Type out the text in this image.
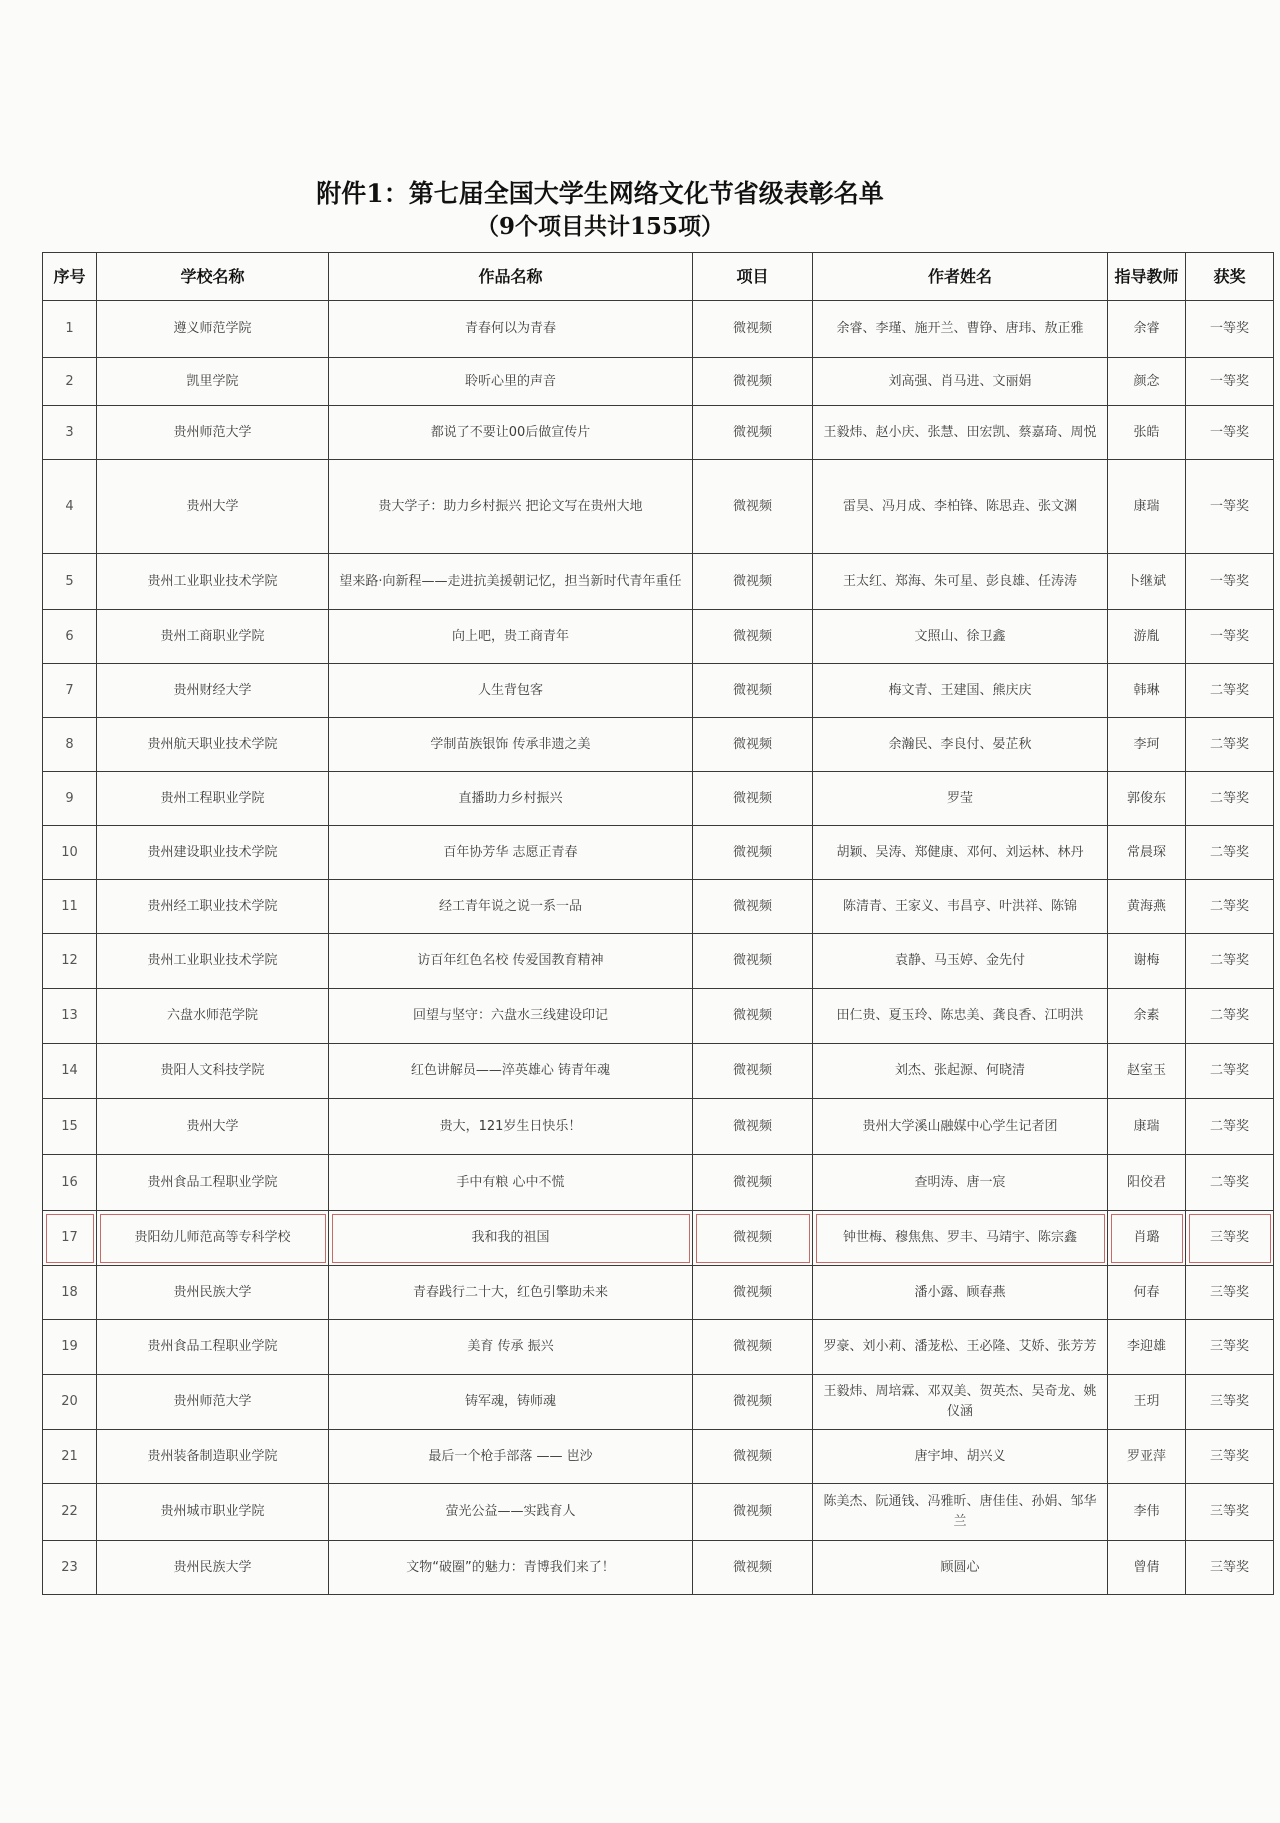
附件1：第七届全国大学生网络文化节省级表彰名单
（9个项目共计155项）
序号	学校名称	作品名称	项目	作者姓名	指导教师	获奖
1	遵义师范学院	青春何以为青春	微视频	余睿、李瑾、施开兰、曹铮、唐玮、敖正雅	余睿	一等奖
2	凯里学院	聆听心里的声音	微视频	刘高强、肖马进、文丽娟	颜念	一等奖
3	贵州师范大学	都说了不要让00后做宣传片	微视频	王毅炜、赵小庆、张慧、田宏凯、蔡嘉琦、周悦	张皓	一等奖
4	贵州大学	贵大学子：助力乡村振兴 把论文写在贵州大地	微视频	雷昊、冯月成、李柏锋、陈思垚、张文渊	康瑞	一等奖
5	贵州工业职业技术学院	望来路·向新程——走进抗美援朝记忆，担当新时代青年重任	微视频	王太红、郑海、朱可星、彭良雄、任涛涛	卜继斌	一等奖
6	贵州工商职业学院	向上吧，贵工商青年	微视频	文照山、徐卫鑫	游胤	一等奖
7	贵州财经大学	人生背包客	微视频	梅文青、王建国、熊庆庆	韩琳	二等奖
8	贵州航天职业技术学院	学制苗族银饰 传承非遗之美	微视频	余瀚民、李良付、晏芷秋	李珂	二等奖
9	贵州工程职业学院	直播助力乡村振兴	微视频	罗莹	郭俊东	二等奖
10	贵州建设职业技术学院	百年协芳华 志愿正青春	微视频	胡颖、吴涛、郑健康、邓何、刘运林、林丹	常晨琛	二等奖
11	贵州经工职业技术学院	经工青年说之说一系一品	微视频	陈清青、王家义、韦昌亨、叶洪祥、陈锦	黄海燕	二等奖
12	贵州工业职业技术学院	访百年红色名校 传爱国教育精神	微视频	袁静、马玉婷、金先付	谢梅	二等奖
13	六盘水师范学院	回望与坚守：六盘水三线建设印记	微视频	田仁贵、夏玉玲、陈忠美、龚良香、江明洪	余素	二等奖
14	贵阳人文科技学院	红色讲解员——淬英雄心 铸青年魂	微视频	刘杰、张起源、何晓清	赵室玉	二等奖
15	贵州大学	贵大，121岁生日快乐！	微视频	贵州大学溪山融媒中心学生记者团	康瑞	二等奖
16	贵州食品工程职业学院	手中有粮 心中不慌	微视频	查明涛、唐一宸	阳佼君	二等奖
17	贵阳幼儿师范高等专科学校	我和我的祖国	微视频	钟世梅、穆焦焦、罗丰、马靖宇、陈宗鑫	肖璐	三等奖
18	贵州民族大学	青春践行二十大，红色引擎助未来	微视频	潘小露、顾春燕	何春	三等奖
19	贵州食品工程职业学院	美育 传承 振兴	微视频	罗豪、刘小莉、潘茏松、王必隆、艾娇、张芳芳	李迎雄	三等奖
20	贵州师范大学	铸军魂，铸师魂	微视频	王毅炜、周培霖、邓双美、贺英杰、吴奇龙、姚仪涵	王玥	三等奖
21	贵州装备制造职业学院	最后一个枪手部落 —— 岜沙	微视频	唐宇坤、胡兴义	罗亚萍	三等奖
22	贵州城市职业学院	萤光公益——实践育人	微视频	陈美杰、阮通钱、冯雅昕、唐佳佳、孙娟、邹华兰	李伟	三等奖
23	贵州民族大学	文物“破圈”的魅力：青博我们来了！	微视频	顾圆心	曾倩	三等奖
